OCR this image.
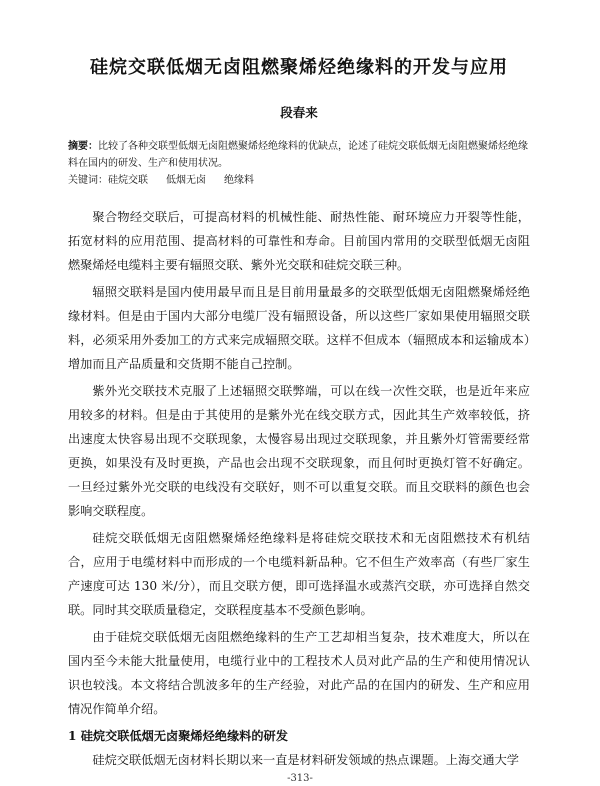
硅烷交联低烟无卤阻燃聚烯烃绝缘料的开发与应用
段春来
摘要：比较了各种交联型低烟无卤阻燃聚烯烃绝缘料的优缺点，论述了硅烷交联低烟无卤阻燃聚烯烃绝缘料在国内的研发、生产和使用状况。
关键词：硅烷交联 低烟无卤 绝缘料

聚合物经交联后，可提高材料的机械性能、耐热性能、耐环境应力开裂等性能，拓宽材料的应用范围、提高材料的可靠性和寿命。目前国内常用的交联型低烟无卤阻燃聚烯烃电缆料主要有辐照交联、紫外光交联和硅烷交联三种。

辐照交联料是国内使用最早而且是目前用量最多的交联型低烟无卤阻燃聚烯烃绝缘材料。但是由于国内大部分电缆厂没有辐照设备，所以这些厂家如果使用辐照交联料，必须采用外委加工的方式来完成辐照交联。这样不但成本（辐照成本和运输成本）增加而且产品质量和交货期不能自己控制。

紫外光交联技术克服了上述辐照交联弊端，可以在线一次性交联，也是近年来应用较多的材料。但是由于其使用的是紫外光在线交联方式，因此其生产效率较低，挤出速度太快容易出现不交联现象，太慢容易出现过交联现象，并且紫外灯管需要经常更换，如果没有及时更换，产品也会出现不交联现象，而且何时更换灯管不好确定。一旦经过紫外光交联的电线没有交联好，则不可以重复交联。而且交联料的颜色也会影响交联程度。

硅烷交联低烟无卤阻燃聚烯烃绝缘料是将硅烷交联技术和无卤阻燃技术有机结合，应用于电缆材料中而形成的一个电缆料新品种。它不但生产效率高（有些厂家生产速度可达 130 米/分），而且交联方便，即可选择温水或蒸汽交联，亦可选择自然交联。同时其交联质量稳定，交联程度基本不受颜色影响。

由于硅烷交联低烟无卤阻燃绝缘料的生产工艺却相当复杂，技术难度大，所以在国内至今未能大批量使用，电缆行业中的工程技术人员对此产品的生产和使用情况认识也较浅。本文将结合凯波多年的生产经验，对此产品的在国内的研发、生产和应用情况作简单介绍。

1 硅烷交联低烟无卤聚烯烃绝缘料的研发

硅烷交联低烟无卤材料长期以来一直是材料研发领域的热点课题。上海交通大学

-313-
